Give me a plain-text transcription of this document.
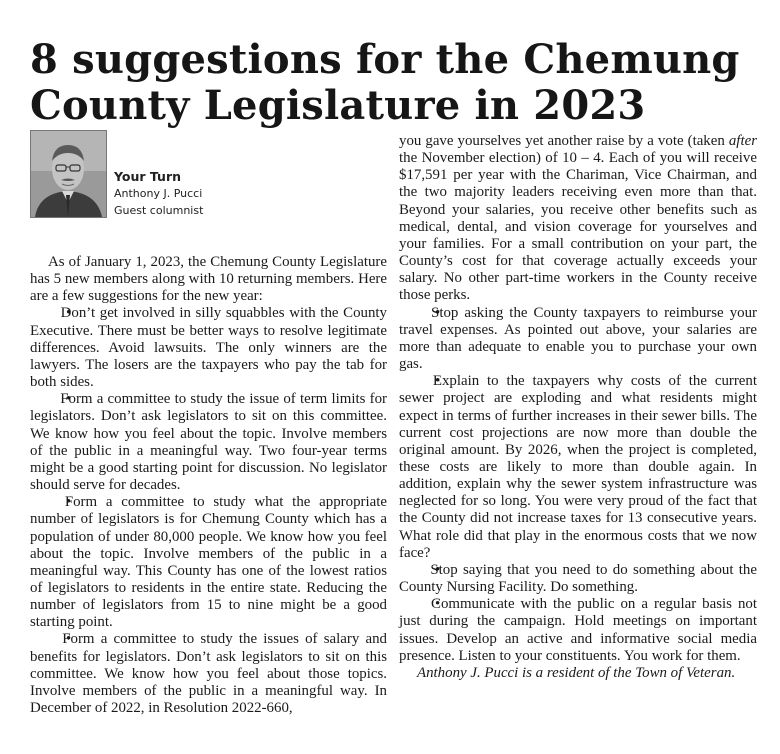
8 suggestions for the Chemung
County Legislature in 2023
Your Turn
Anthony J. Pucci
Guest columnist

As of January 1, 2023, the Chemung County Legislature has 5 new members along with 10 returning members. Here are a few suggestions for the new year:

• Don’t get involved in silly squabbles with the County Executive. There must be better ways to resolve legitimate differences. Avoid lawsuits. The only winners are the lawyers. The losers are the taxpayers who pay the tab for both sides.

• Form a committee to study the issue of term limits for legislators. Don’t ask legislators to sit on this committee. We know how you feel about the topic. Involve members of the public in a meaningful way. Two four-year terms might be a good starting point for discussion. No legislator should serve for decades.

• Form a committee to study what the appropriate number of legislators is for Chemung County which has a population of under 80,000 people. We know how you feel about the topic. Involve members of the public in a meaningful way. This County has one of the lowest ratios of legislators to residents in the entire state. Reducing the number of legislators from 15 to nine might be a good starting point.

• Form a committee to study the issues of salary and benefits for legislators. Don’t ask legislators to sit on this committee. We know how you feel about those topics. Involve members of the public in a meaningful way. In December of 2022, in Resolution 2022-660,

you gave yourselves yet another raise by a vote (taken after the November election) of 10 – 4. Each of you will receive $17,591 per year with the Chariman, Vice Chairman, and the two majority leaders receiving even more than that. Beyond your salaries, you receive other benefits such as medical, dental, and vision coverage for yourselves and your families. For a small contribution on your part, the County’s cost for that coverage actually exceeds your salary. No other part-time workers in the County receive those perks.

• Stop asking the County taxpayers to reimburse your travel expenses. As pointed out above, your salaries are more than adequate to enable you to purchase your own gas.

• Explain to the taxpayers why costs of the current sewer project are exploding and what residents might expect in terms of further increases in their sewer bills. The current cost projections are now more than double the original amount. By 2026, when the project is completed, these costs are likely to more than double again. In addition, explain why the sewer system infrastructure was neglected for so long. You were very proud of the fact that the County did not increase taxes for 13 consecutive years. What role did that play in the enormous costs that we now face?

• Stop saying that you need to do something about the County Nursing Facility. Do something.

• Communicate with the public on a regular basis not just during the campaign. Hold meetings on important issues. Develop an active and informative social media presence. Listen to your constituents. You work for them.

Anthony J. Pucci is a resident of the Town of Veteran.
